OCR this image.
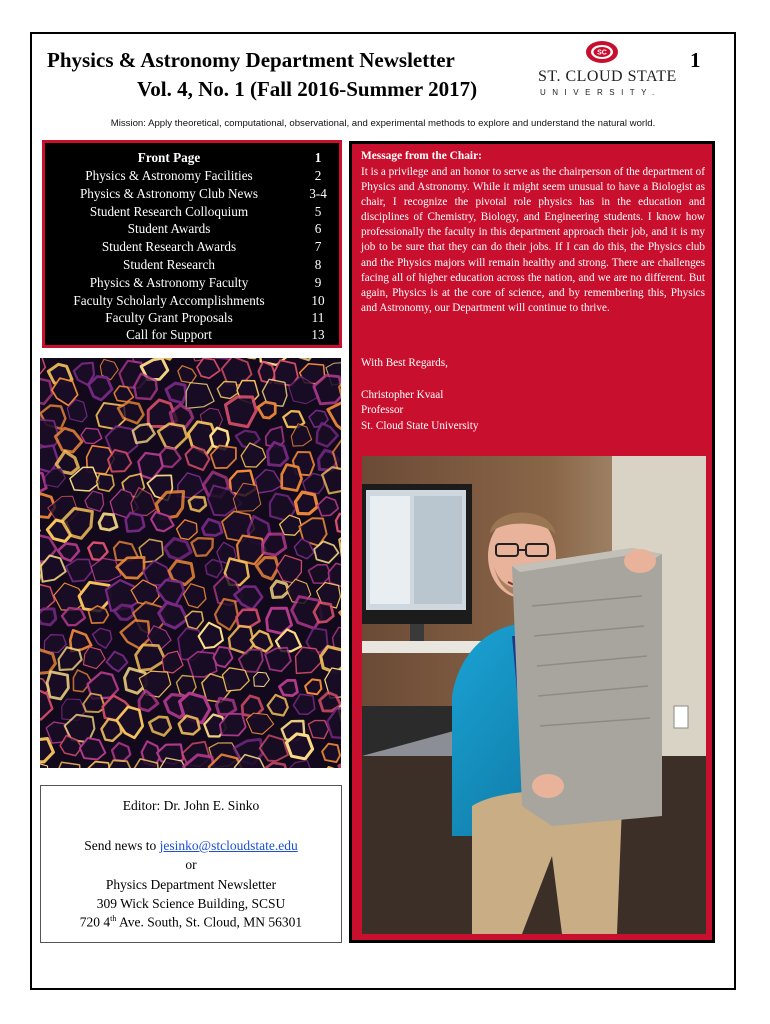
Physics & Astronomy Department Newsletter
Vol. 4, No. 1 (Fall 2016-Summer 2017)
1
SC
ST. CLOUD STATE
UNIVERSITY.
Mission: Apply theoretical, computational, observational, and experimental methods to explore and understand the natural world.
Front Page	1
Physics & Astronomy Facilities	2
Physics & Astronomy Club News	3-4
Student Research Colloquium	5
Student Awards	6
Student Research Awards	7
Student Research	8
Physics & Astronomy Faculty	9
Faculty Scholarly Accomplishments	10
Faculty Grant Proposals	11
Call for Support	13
Editor: Dr. John E. Sinko
Send news to jesinko@stcloudstate.edu
or
Physics Department Newsletter
309 Wick Science Building, SCSU
720 4th Ave. South, St. Cloud, MN 56301
Message from the Chair:
It is a privilege and an honor to serve as the chairperson of the department of Physics and Astronomy. While it might seem unusual to have a Biologist as chair, I recognize the pivotal role physics has in the education and disciplines of Chemistry, Biology, and Engineering students. I know how professionally the faculty in this department approach their job, and it is my job to be sure that they can do their jobs. If I can do this, the Physics club and the Physics majors will remain healthy and strong. There are challenges facing all of higher education across the nation, and we are no different. But again, Physics is at the core of science, and by remembering this, Physics and Astronomy, our Department will continue to thrive.
With Best Regards,
Christopher Kvaal
Professor
St. Cloud State University
